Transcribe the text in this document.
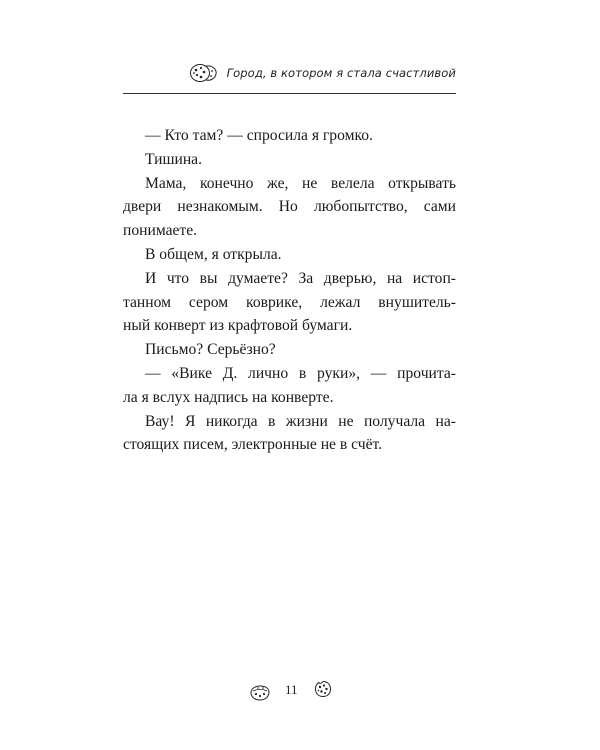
Город, в котором я стала счастливой

— Кто там? — спросила я громко.

Тишина.

Мама, конечно же, не велела открывать
двери незнакомым. Но любопытство, сами
понимаете.

В общем, я открыла.

И что вы думаете? За дверью, на истоп-
танном сером коврике, лежал внушитель-
ный конверт из крафтовой бумаги.

Письмо? Серьёзно?

— «Вике Д. лично в руки», — прочита-
ла я вслух надпись на конверте.

Вау! Я никогда в жизни не получала на-
стоящих писем, электронные не в счёт.

11
